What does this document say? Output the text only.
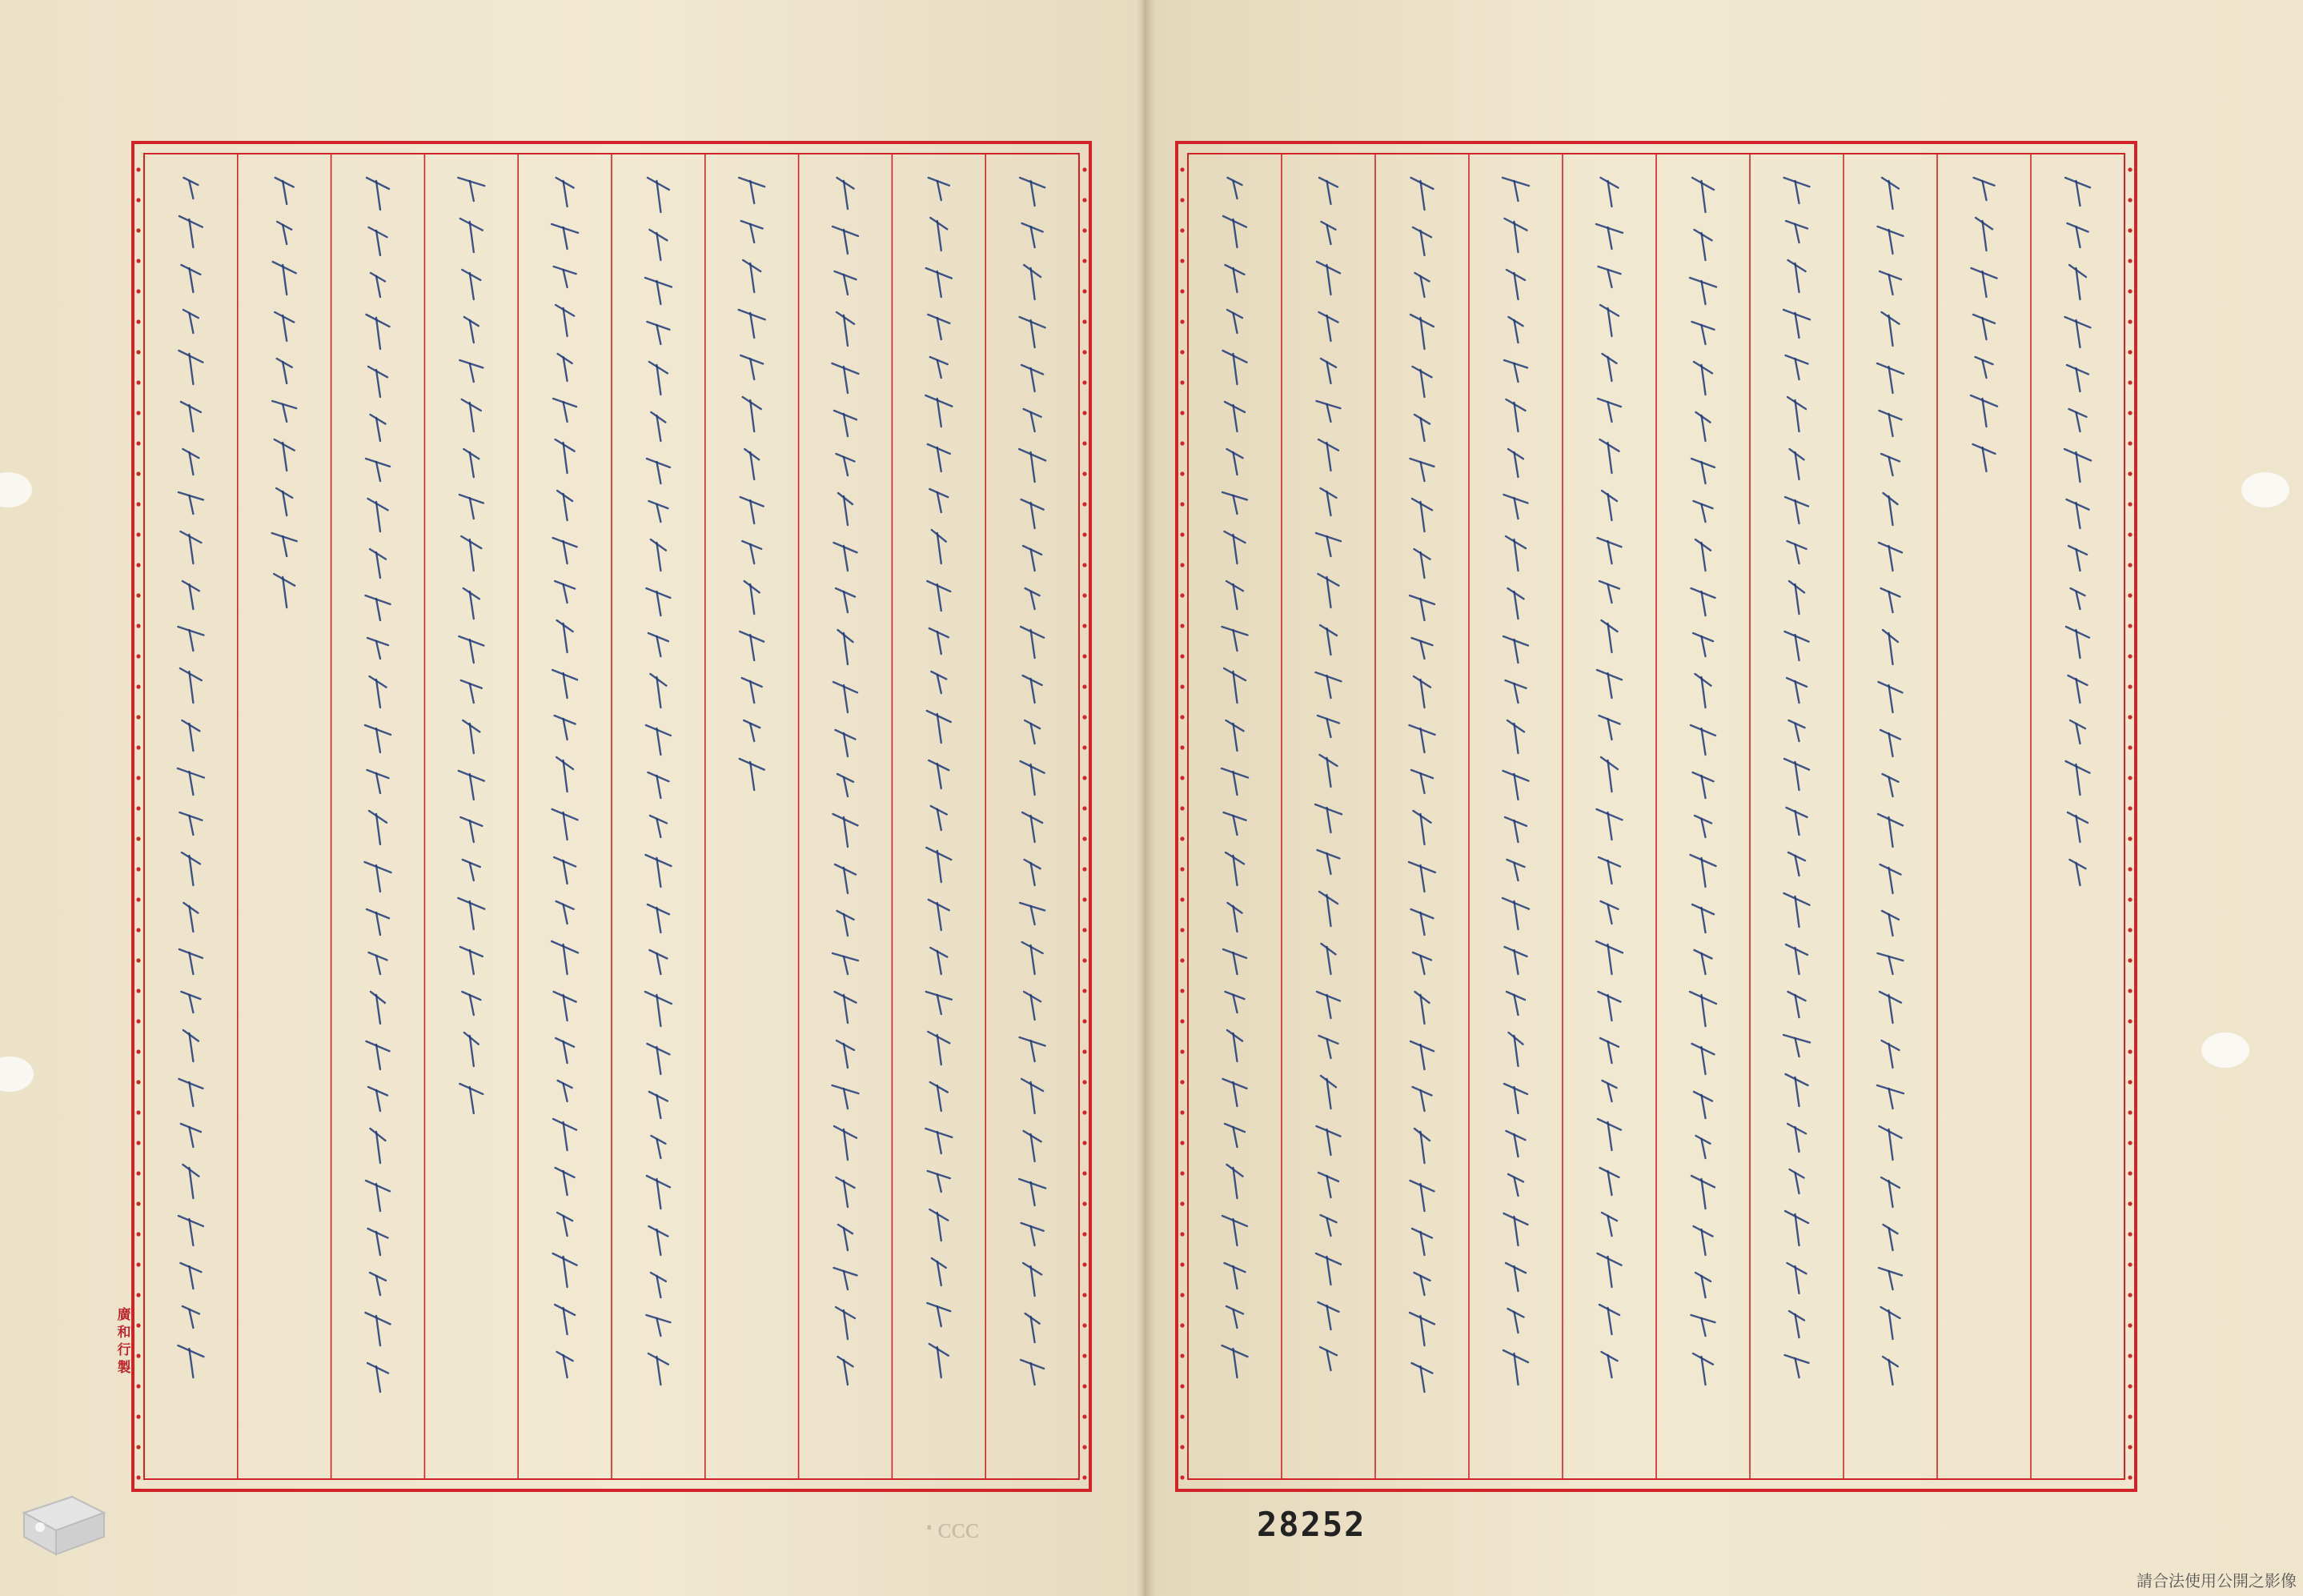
廣和行製
·ᴄᴄᴄ	28252
請合法使用公開之影像
